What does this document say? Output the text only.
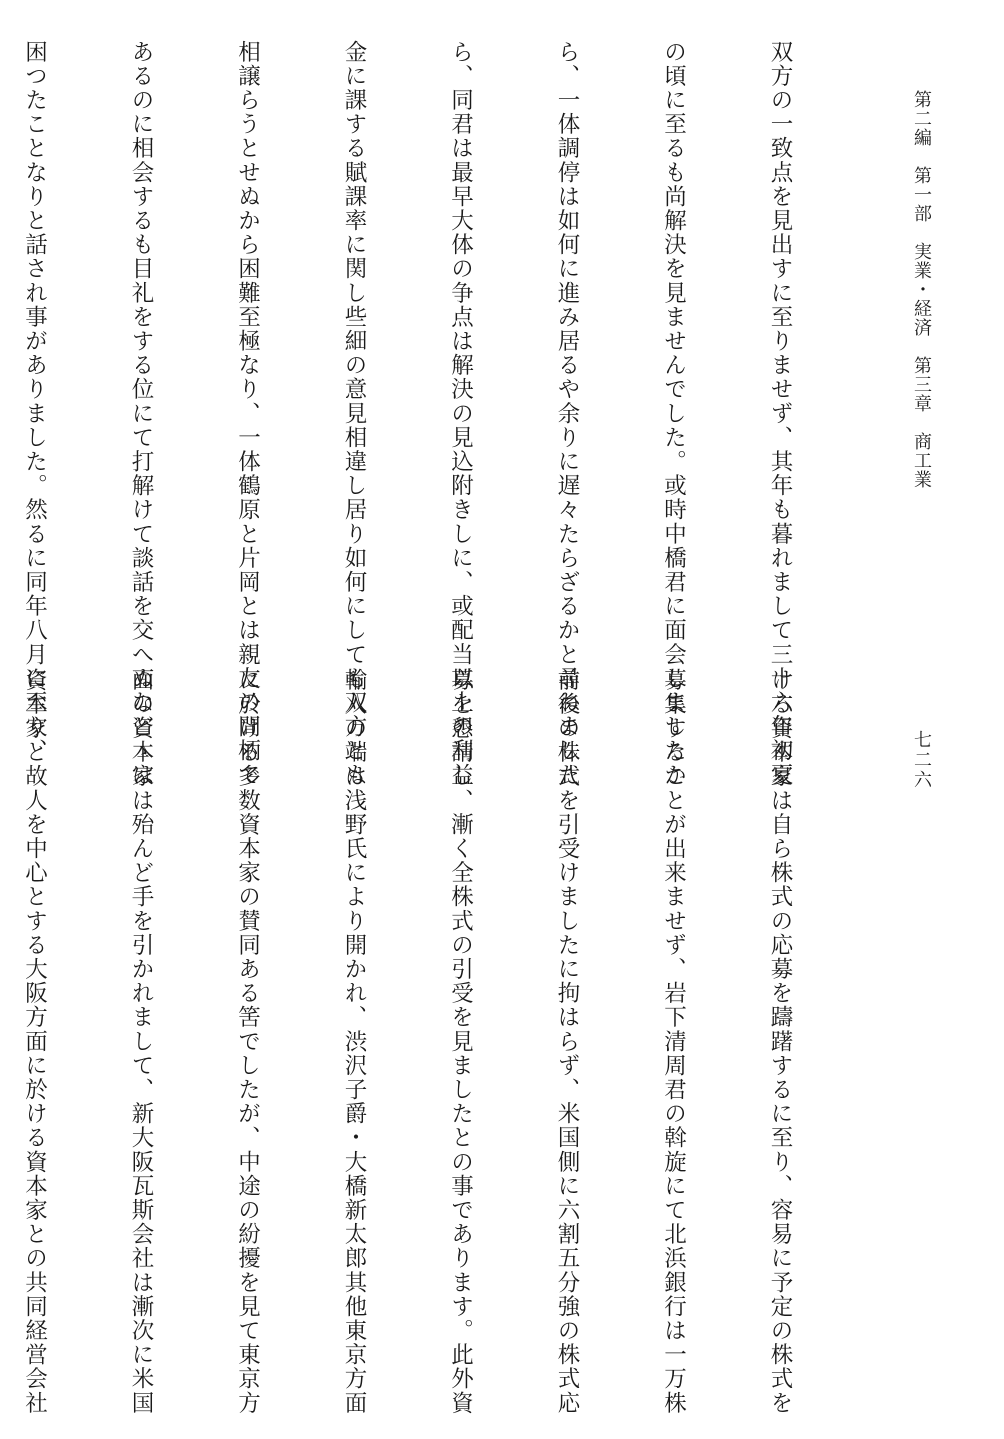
第二編　第一部　実業・経済　第三章　商工業
七二六

双方の一致点を見出すに至りませず、其年も暮れまして三十六年初夏

の頃に至るも尚解決を見ませんでした。或時中橋君に面会しましたか

ら、一体調停は如何に進み居るや余りに遅々たらざるかと尋ねました

ら、同君は最早大体の争点は解決の見込附きしに、或配当以上の利益

金に課する賦課率に関し些細の意見相違し居り如何にしても双方とも

相譲らうとせぬから困難至極なり、一体鶴原と片岡とは親友の間柄で

あるのに相会するも目礼をする位にて打解けて談話を交へぬなどゝは

困つたことなりと話され事がありました。然るに同年八月に至り、

ける資本家は自ら株式の応募を躊躇するに至り、容易に予定の株式を

募集することが出来ませず、岩下清周君の斡旋にて北浜銀行は一万株

前後の株式を引受けましたに拘はらず、米国側に六割五分強の株式応

募を懇請し、漸く全株式の引受を見ましたとの事であります。此外資

輸入の端は浅野氏により開かれ、渋沢子爵・大橋新太郎其他東京方面

に於ける多数資本家の賛同ある筈でしたが、中途の紛擾を見て東京方

面の資本家は殆んど手を引かれまして、新大阪瓦斯会社は漸次に米国

資本家と故人を中心とする大阪方面に於ける資本家との共同経営会社
